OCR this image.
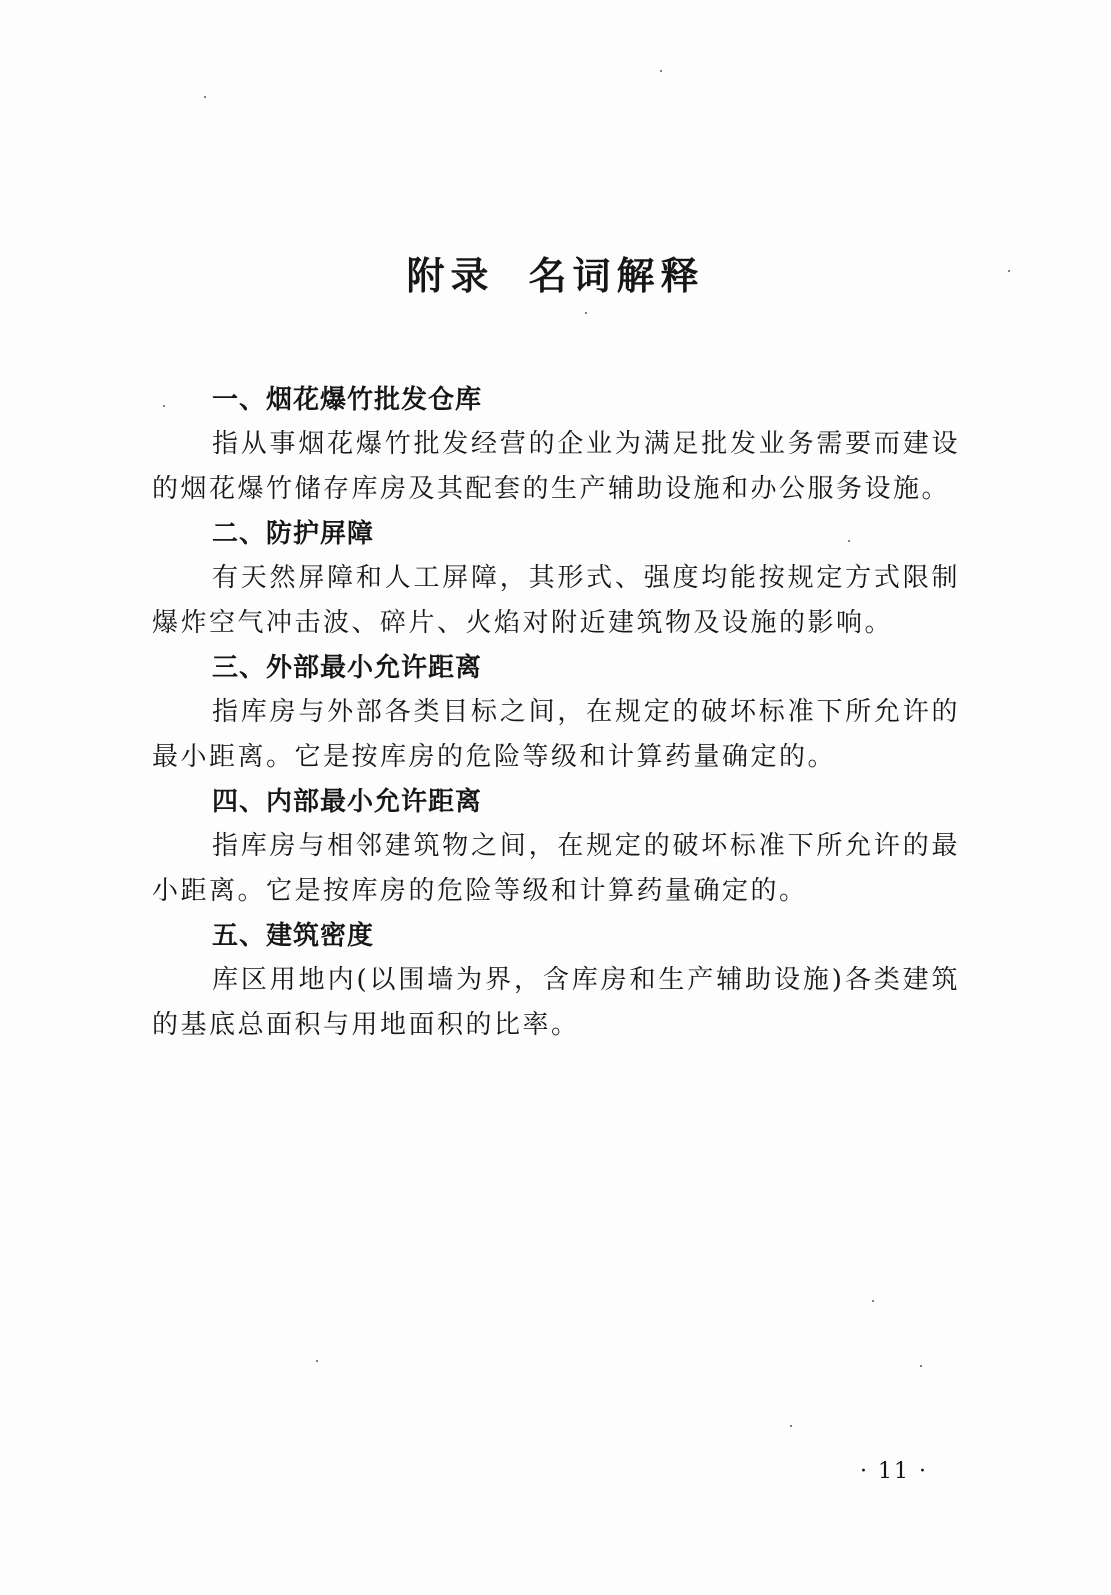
附录 名词解释

一、烟花爆竹批发仓库

指从事烟花爆竹批发经营的企业为满足批发业务需要而建设的烟花爆竹储存库房及其配套的生产辅助设施和办公服务设施。

二、防护屏障

有天然屏障和人工屏障，其形式、强度均能按规定方式限制爆炸空气冲击波、碎片、火焰对附近建筑物及设施的影响。

三、外部最小允许距离

指库房与外部各类目标之间，在规定的破坏标准下所允许的最小距离。它是按库房的危险等级和计算药量确定的。

四、内部最小允许距离

指库房与相邻建筑物之间，在规定的破坏标准下所允许的最小距离。它是按库房的危险等级和计算药量确定的。

五、建筑密度

库区用地内(以围墙为界，含库房和生产辅助设施)各类建筑的基底总面积与用地面积的比率。

· 11 ·
